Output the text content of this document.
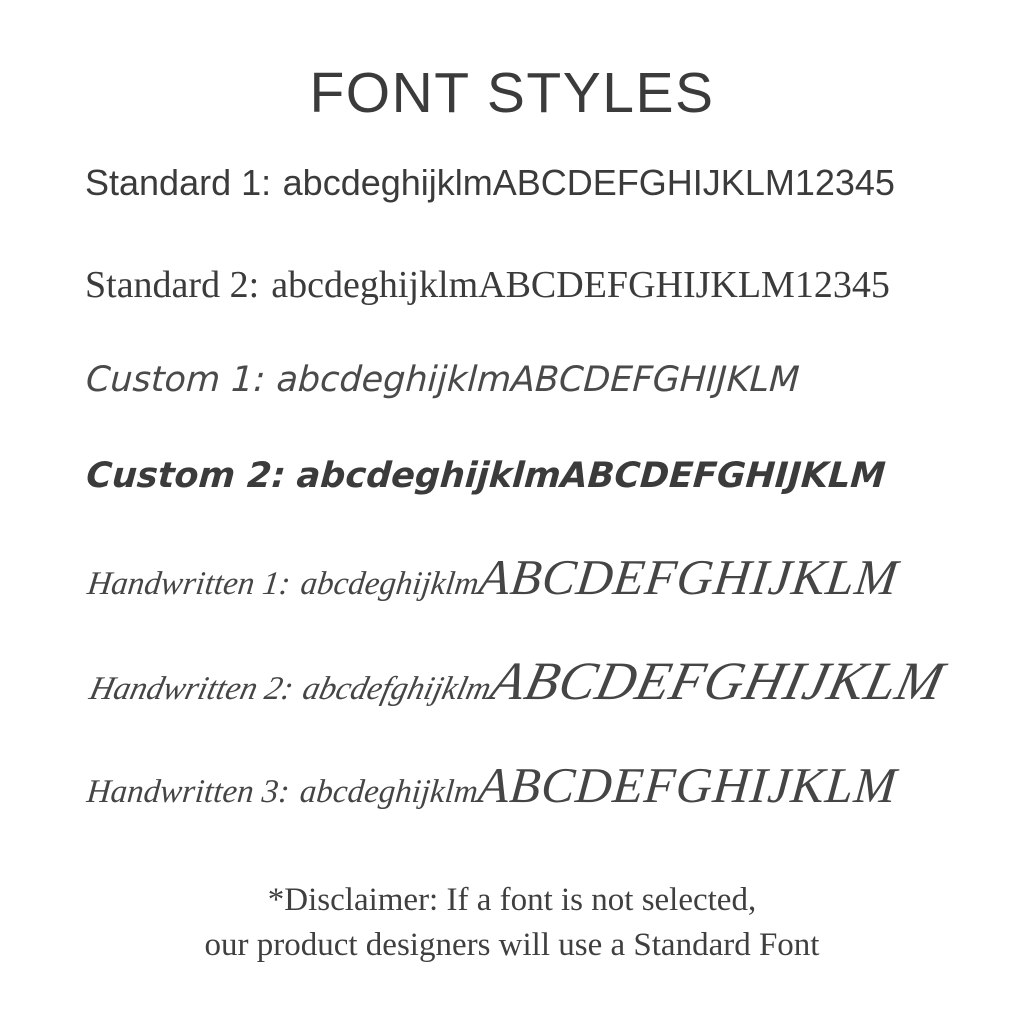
FONT STYLES
Standard 1: abcdeghijklmABCDEFGHIJKLM12345
Standard 2: abcdeghijklmABCDEFGHIJKLM12345
Custom 1: abcdeghijklmABCDEFGHIJKLM
Custom 2: abcdeghijklmABCDEFGHIJKLM
Handwritten 1: abcdeghijklmABCDEFGHIJKLM
Handwritten 2:abcdefghijklmABCDEFGHIJKLM
Handwritten 3: abcdeghijklmABCDEFGHIJKLM
*Disclaimer: If a font is not selected,
our product designers will use a Standard Font
